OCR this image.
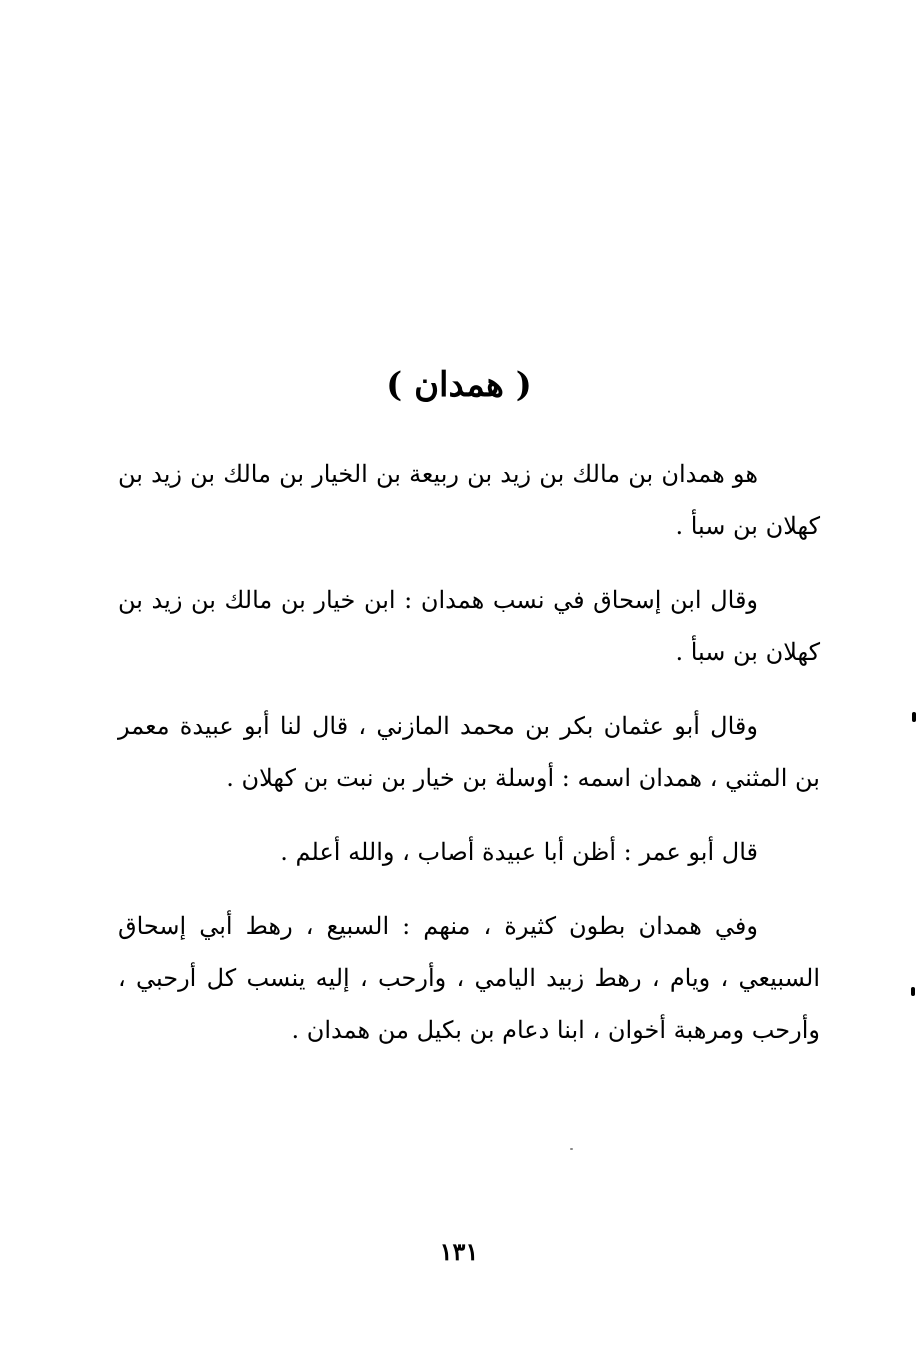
( همدان )

هو همدان بن مالك بن زيد بن ربيعة بن الخيار بن مالك بن زيد بن كهلان بن سبأ .

وقال ابن إسحاق في نسب همدان : ابن خيار بن مالك بن زيد بن كهلان بن سبأ .

وقال أبو عثمان بكر بن محمد المازني ، قال لنا أبو عبيدة معمر بن المثني ، همدان اسمه : أوسلة بن خيار بن نبت بن كهلان .

قال أبو عمر : أظن أبا عبيدة أصاب ، والله أعلم .

وفي همدان بطون كثيرة ، منهم : السبيع ، رهط أبي إسحاق السبيعي ، ويام ، رهط زبيد اليامي ، وأرحب ، إليه ينسب كل أرحبي ، وأرحب ومرهبة أخوان ، ابنا دعام بن بكيل من همدان .

١٣١
